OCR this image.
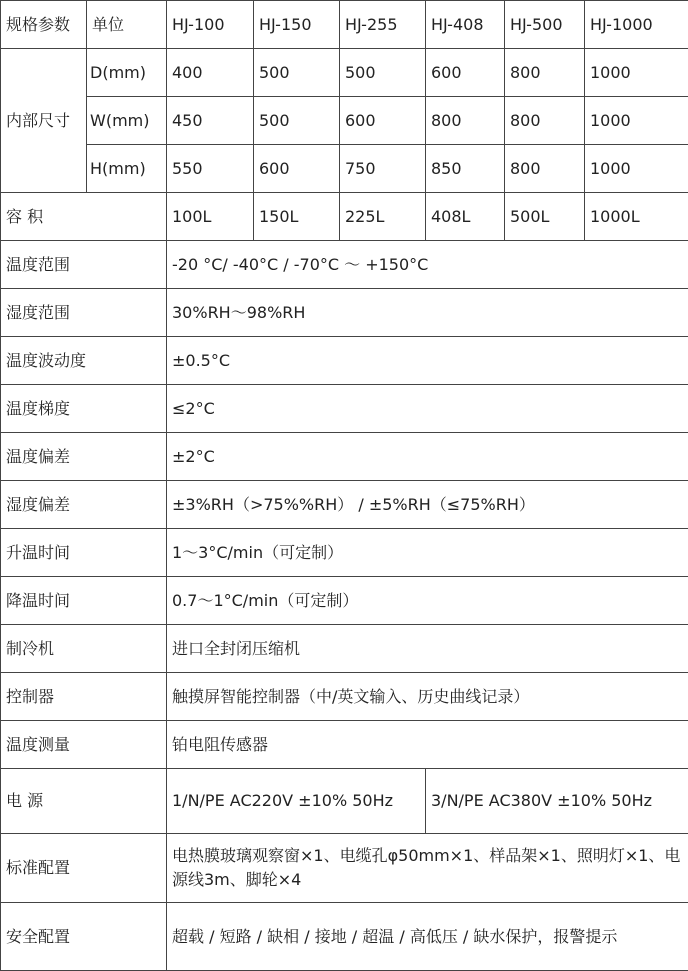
规格参数	单位	HJ-100	HJ-150	HJ-255	HJ-408	HJ-500	HJ-1000
内部尺寸	D(mm)	400	500	500	600	800	1000
	W(mm)	450	500	600	800	800	1000
	H(mm)	550	600	750	850	800	1000
容 积		100L	150L	225L	408L	500L	1000L
温度范围		-20 °C/ -40°C / -70°C ～ +150°C					
湿度范围		30%RH～98%RH					
温度波动度		±0.5°C					
温度梯度		≤2°C					
温度偏差		±2°C					
湿度偏差		±3%RH（>75%%RH） / ±5%RH（≤75%RH）					
升温时间		1～3°C/min（可定制）					
降温时间		0.7～1°C/min（可定制）					
制冷机		进口全封闭压缩机					
控制器		触摸屏智能控制器（中/英文输入、历史曲线记录）					
温度测量		铂电阻传感器					
电 源		1/N/PE AC220V ±10% 50Hz			3/N/PE AC380V ±10% 50Hz		
标准配置		电热膜玻璃观察窗×1、电缆孔φ50mm×1、样品架×1、照明灯×1、电源线3m、脚轮×4					
安全配置		超载 / 短路 / 缺相 / 接地 / 超温 / 高低压 / 缺水保护，报警提示					
